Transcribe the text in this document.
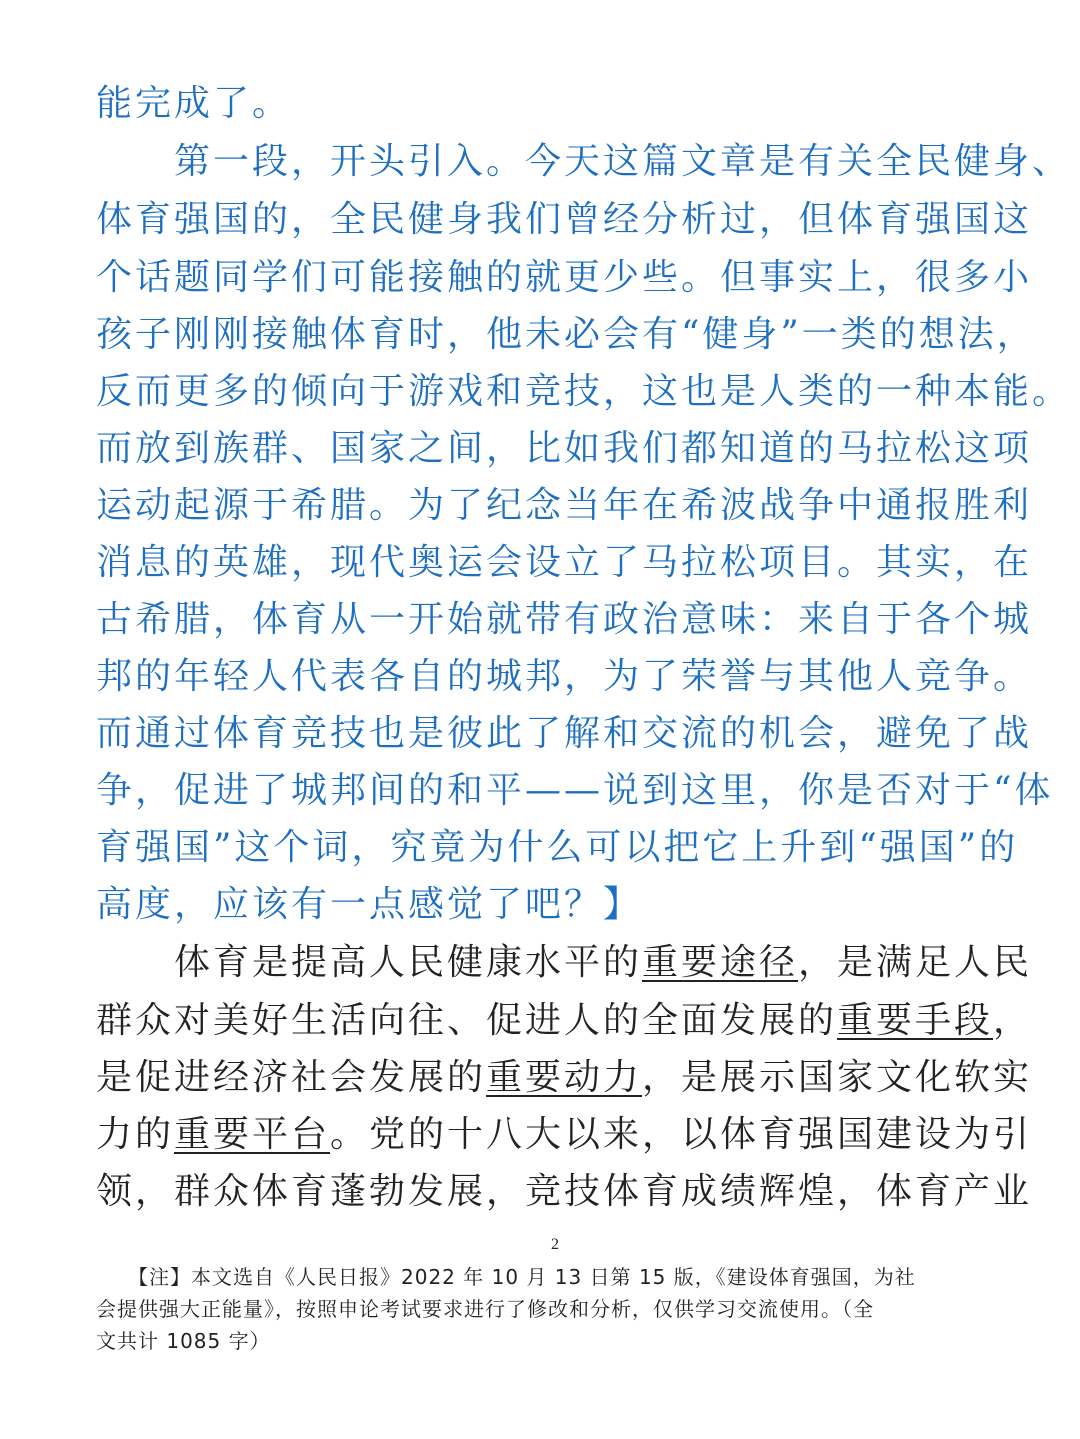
能完成了。
　　第一段，开头引入。今天这篇文章是有关全民健身、
体育强国的，全民健身我们曾经分析过，但体育强国这
个话题同学们可能接触的就更少些。但事实上，很多小
孩子刚刚接触体育时，他未必会有“健身”一类的想法，
反而更多的倾向于游戏和竞技，这也是人类的一种本能。
而放到族群、国家之间，比如我们都知道的马拉松这项
运动起源于希腊。为了纪念当年在希波战争中通报胜利
消息的英雄，现代奥运会设立了马拉松项目。其实，在
古希腊，体育从一开始就带有政治意味：来自于各个城
邦的年轻人代表各自的城邦，为了荣誉与其他人竞争。
而通过体育竞技也是彼此了解和交流的机会，避免了战
争，促进了城邦间的和平——说到这里，你是否对于“体
育强国”这个词，究竟为什么可以把它上升到“强国”的
高度，应该有一点感觉了吧？】
　　体育是提高人民健康水平的重要途径，是满足人民
群众对美好生活向往、促进人的全面发展的重要手段，
是促进经济社会发展的重要动力，是展示国家文化软实
力的重要平台。党的十八大以来，以体育强国建设为引
领，群众体育蓬勃发展，竞技体育成绩辉煌，体育产业
2
　　【注】本文选自《人民日报》2022 年 10 月 13 日第 15 版，《建设体育强国，为社
会提供强大正能量》，按照申论考试要求进行了修改和分析，仅供学习交流使用。（全
文共计 1085 字）
